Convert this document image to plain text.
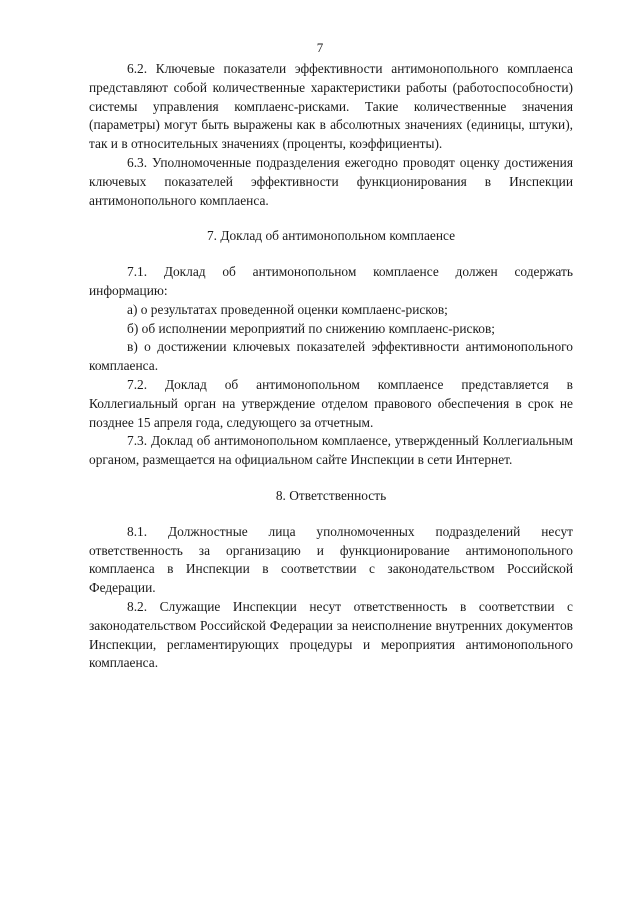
7

6.2. Ключевые показатели эффективности антимонопольного комплаенса представляют собой количественные характеристики работы (работоспособности) системы управления комплаенс-рисками. Такие количественные значения (параметры) могут быть выражены как в абсолютных значениях (единицы, штуки), так и в относительных значениях (проценты, коэффициенты).

6.3. Уполномоченные подразделения ежегодно проводят оценку достижения ключевых показателей эффективности функционирования в Инспекции антимонопольного комплаенса.

7. Доклад об антимонопольном комплаенсе

7.1. Доклад об антимонопольном комплаенсе должен содержать информацию:

а) о результатах проведенной оценки комплаенс-рисков;

б) об исполнении мероприятий по снижению комплаенс-рисков;

в) о достижении ключевых показателей эффективности антимонопольного комплаенса.

7.2. Доклад об антимонопольном комплаенсе представляется в Коллегиальный орган на утверждение отделом правового обеспечения в срок не позднее 15 апреля года, следующего за отчетным.

7.3. Доклад об антимонопольном комплаенсе, утвержденный Коллегиальным органом, размещается на официальном сайте Инспекции в сети Интернет.

8. Ответственность

8.1. Должностные лица уполномоченных подразделений несут ответственность за организацию и функционирование антимонопольного комплаенса в Инспекции в соответствии с законодательством Российской Федерации.

8.2. Служащие Инспекции несут ответственность в соответствии с законодательством Российской Федерации за неисполнение внутренних документов Инспекции, регламентирующих процедуры и мероприятия антимонопольного комплаенса.
